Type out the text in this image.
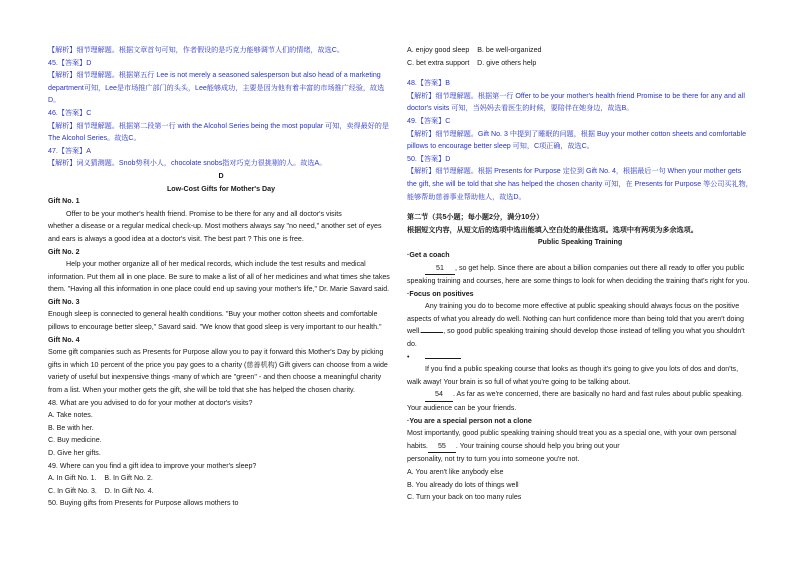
【解析】细节理解题。根据文章首句可知，作者假设的是巧克力能够调节人们的情绪，故选C。

45.【答案】D

【解析】细节理解题。根据第五行 Lee is not merely a seasoned salesperson but also head of a marketing department可知，Lee是市场推广部门的头头，Lee能够成功，主要是因为他有着丰富的市场推广经验，故选D。

46.【答案】C

【解析】细节理解题。根据第二段第一行 with the Alcohol Series being the most popular 可知，卖得最好的是The Alcohol Series。故选C。

47.【答案】A

【解析】词义猜测题。Snob势利小人，chocolate snobs指对巧克力很挑剔的人。故选A。

D

Low-Cost Gifts for Mother's Day

Gift No. 1

Offer to be your mother's health friend. Promise to be there for any and all doctor's visits

whether a disease or a regular medical check-up. Most mothers always say "no need," another set of eyes and ears is always a good idea at a doctor's visit. The best part ? This one is free.

Gift No. 2

Help your mother organize all of her medical records, which include the test results and medical information. Put them all in one place. Be sure to make a list of all of her medicines and what times she takes them. "Having all this information in one place could end up saving your mother's life," Dr. Marie Savard said.

Gift No. 3

Enough sleep is connected to general health conditions. "Buy your mother cotton sheets and comfortable pillows to encourage better sleep," Savard said. "We know that good sleep is very important to our health."

Gift No. 4

Some gift companies such as Presents for Purpose allow you to pay it forward this Mother's Day by picking gifts in which 10 percent of the price you pay goes to a charity (慈善机构) Gift givers can choose from a wide variety of useful but inexpensive things -many of which are "green" - and then choose a meaningful charity from a list. When your mother gets the gift, she will be told that she has helped the chosen charity.

48. What are you advised to do for your mother at doctor's visits?

A. Take notes.

B. Be with her.

C. Buy medicine.

D. Give her gifts.

49. Where can you find a gift idea to improve your mother's sleep?

A. In Gift No. 1.    B. In Gift No. 2.

C. In Gift No. 3.    D. In Gift No. 4.

50. Buying gifts from Presents for Purpose allows mothers to

A. enjoy good sleep    B. be well-organized

C. bet extra support    D. give others help

48.【答案】B

【解析】细节理解题。根据第一行 Offer to be your mother's health friend Promise to be there for any and all doctor's visits 可知，当妈妈去看医生的时候，要陪伴在她身边，故选B。

49.【答案】C

【解析】细节理解题。Gift No. 3 中提到了睡眠的问题，根据 Buy your mother cotton sheets and comfortable pillows to encourage better sleep 可知，C项正确，故选C。

50.【答案】D

【解析】细节理解题。根据 Presents for Purpose 定位到 Gift No. 4，根据最后一句 When your mother gets the gift, she will be told that she has helped the chosen charity 可知，在 Presents for Purpose 等公司买礼物，能够帮助慈善事业帮助他人，故选D。

第二节（共5小题；每小题2分，满分10分）

根据短文内容，从短文后的选项中选出能填入空白处的最佳选项。选项中有两项为多余选项。

Public Speaking Training

·Get a coach

51 , so get help. Since there are about a billion companies out there all ready to offer you public speaking training and courses, here are some things to look for when deciding the training that's right for you.

·Focus on positives

Any training you do to become more effective at public speaking should always focus on the positive aspects of what you already do well. Nothing can hurt confidence more than being told that you aren't doing well.	, so good public speaking training should develop those instead of telling you what you shouldn't do.

•

If you find a public speaking course that looks as though it's going to give you lots of dos and don'ts, walk away! Your brain is so full of what you're going to be talking about.

54 . As far as we're concerned, there are basically no hard and fast rules about public speaking. Your audience can be your friends.

·You are a special person not a clone

Most importantly, good public speaking training should treat you as a special one, with your own personal habits. 55 . Your training course should help you bring out your

personality, not try to turn you into someone you're not.

A. You aren't like anybody else

B. You already do lots of things well

C. Turn your back on too many rules
